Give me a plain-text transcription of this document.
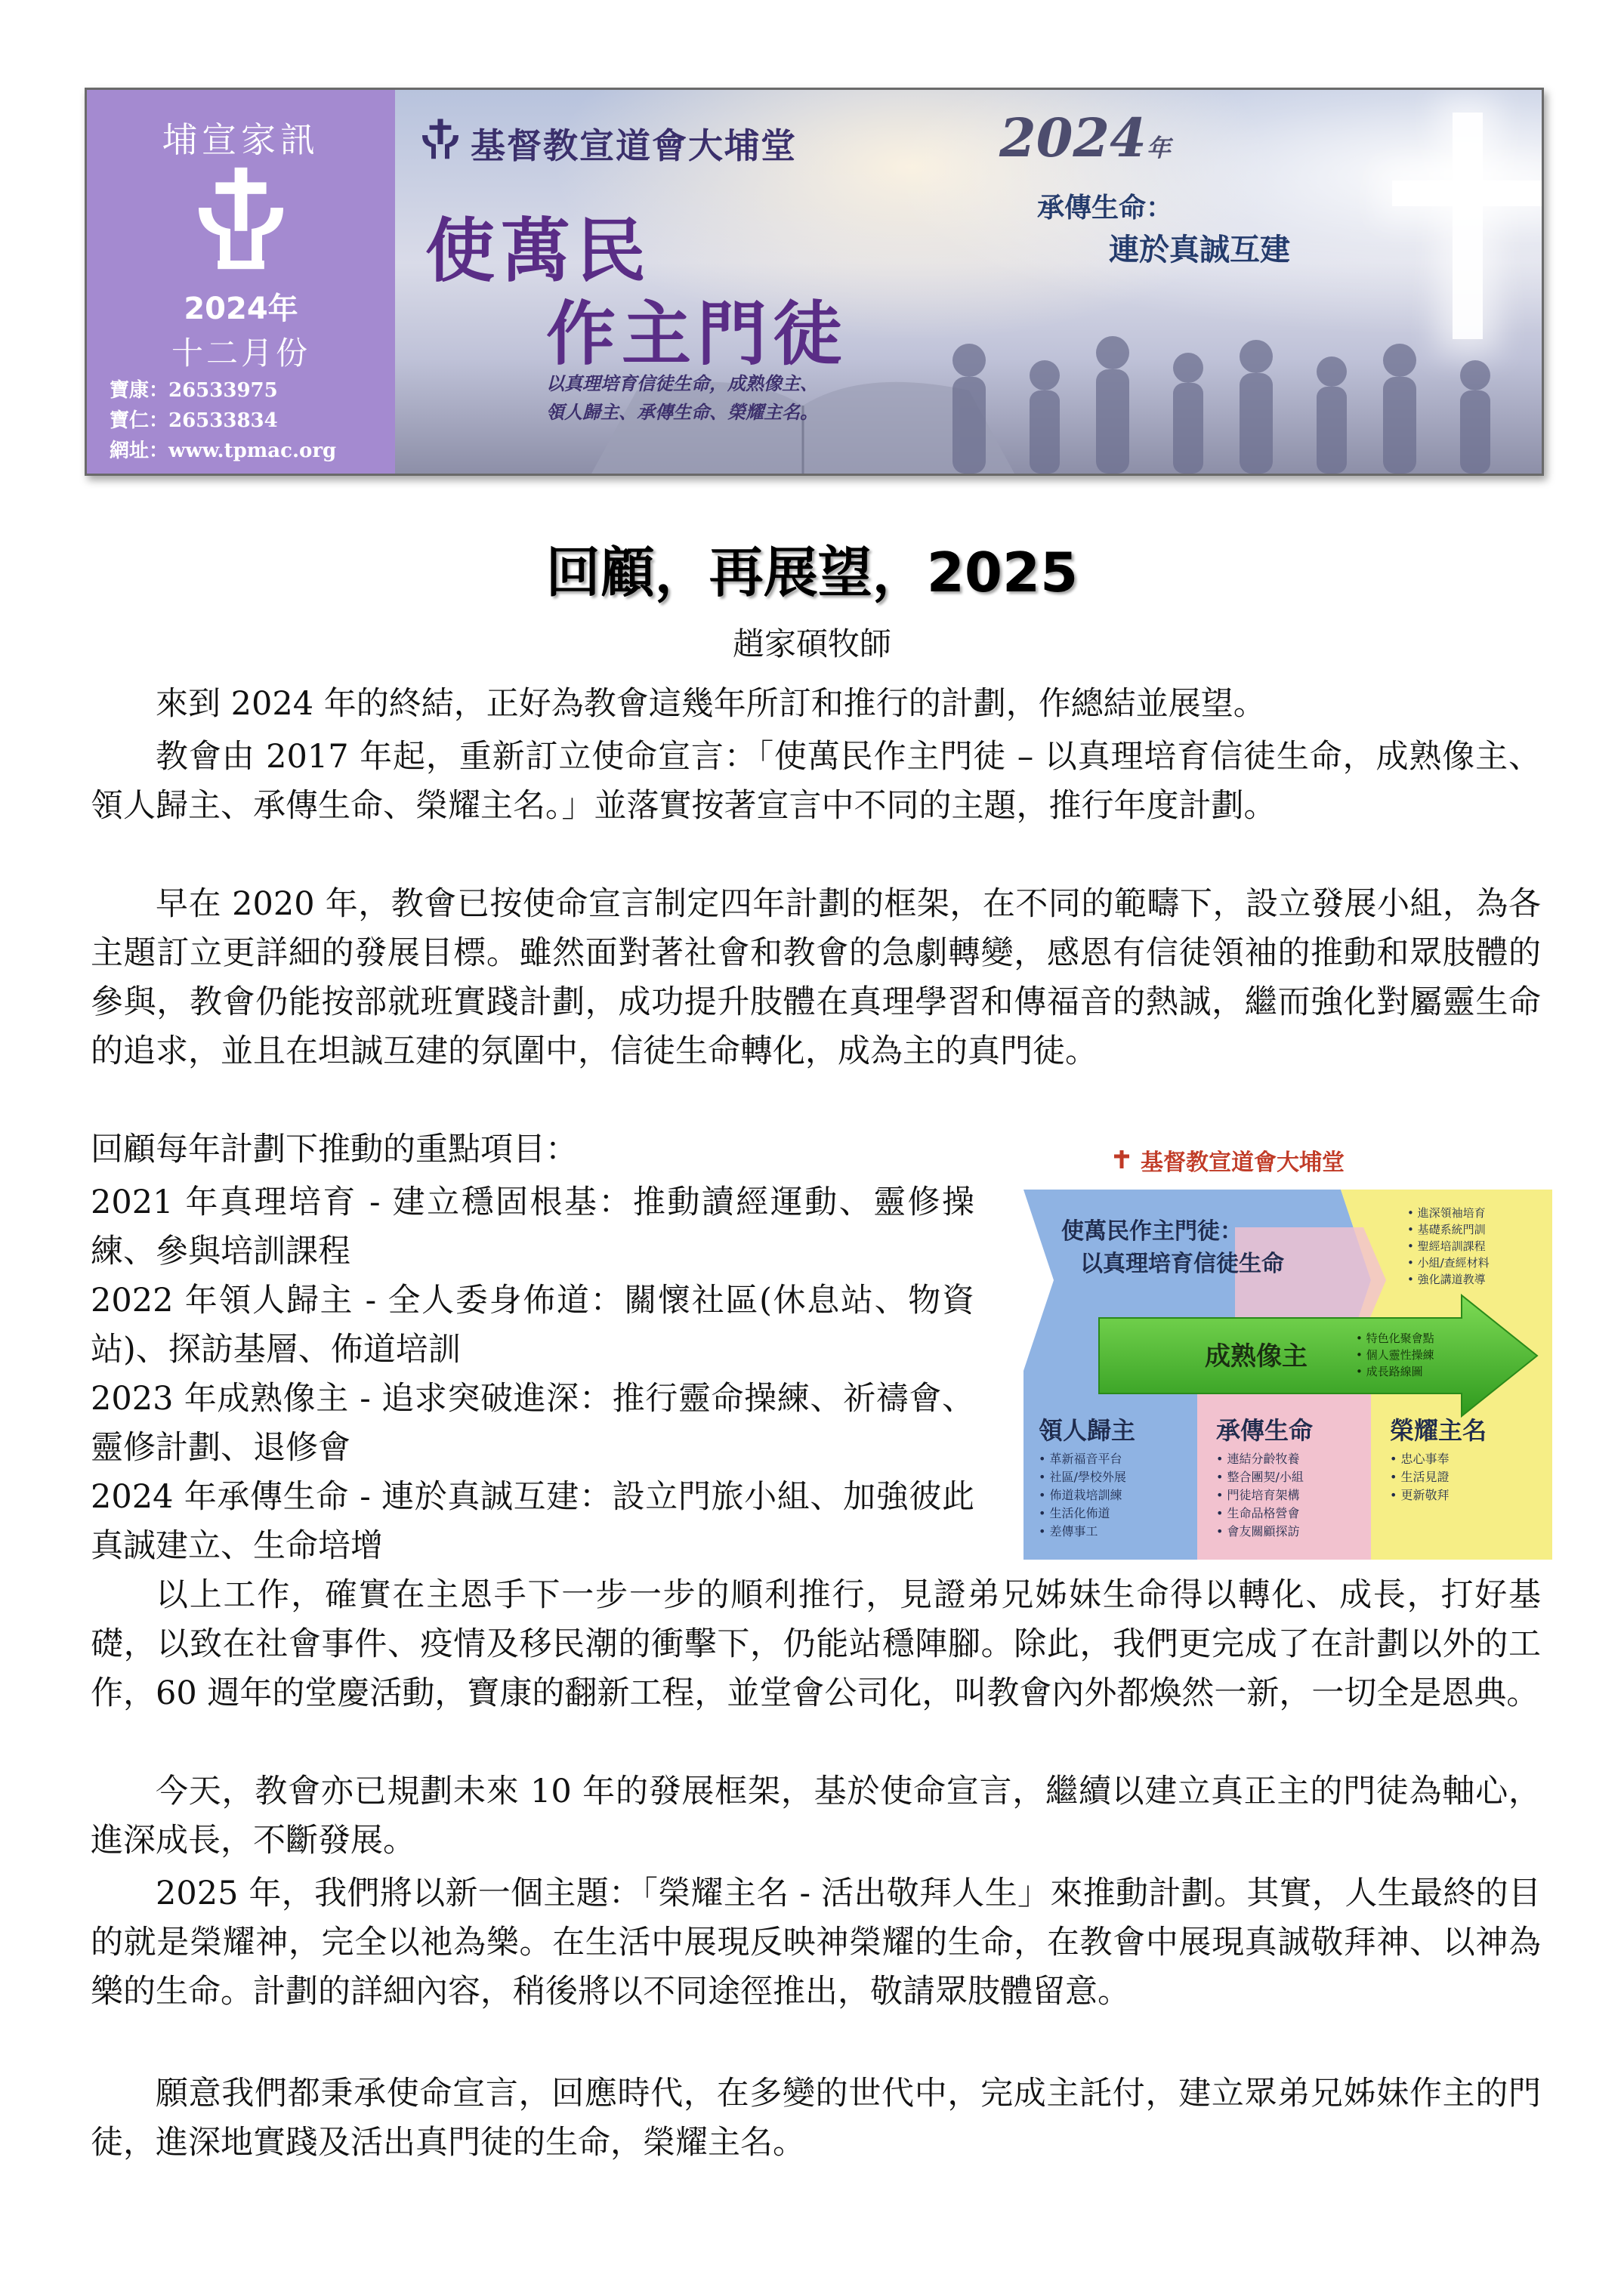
埔宣家訊
2024年
十二月份
寶康：26533975
寶仁：26533834
網址：www.tpmac.org
基督教宣道會大埔堂
使萬民
作主門徒
以真理培育信徒生命，成熟像主、
領人歸主、承傳生命、榮耀主名。
2024年
承傳生命：
連於真誠互建
回顧，再展望，2025
趙家碩牧師

來到 2024 年的終結，正好為教會這幾年所訂和推行的計劃，作總結並展望。

教會由 2017 年起，重新訂立使命宣言：「使萬民作主門徒 – 以真理培育信徒生命，成熟像主、領人歸主、承傳生命、榮耀主名。」並落實按著宣言中不同的主題，推行年度計劃。

早在 2020 年，教會已按使命宣言制定四年計劃的框架，在不同的範疇下，設立發展小組，為各主題訂立更詳細的發展目標。雖然面對著社會和教會的急劇轉變，感恩有信徒領袖的推動和眾肢體的參與，教會仍能按部就班實踐計劃，成功提升肢體在真理學習和傳福音的熱誠，繼而強化對屬靈生命的追求，並且在坦誠互建的氛圍中，信徒生命轉化，成為主的真門徒。

回顧每年計劃下推動的重點項目：

2021 年真理培育 - 建立穩固根基：推動讀經運動、靈修操練、參與培訓課程

2022 年領人歸主 - 全人委身佈道：關懷社區(休息站、物資站)、探訪基層、佈道培訓

2023 年成熟像主 - 追求突破進深：推行靈命操練、祈禱會、靈修計劃、退修會

2024 年承傳生命 - 連於真誠互建：設立門旅小組、加強彼此真誠建立、生命培增

以上工作，確實在主恩手下一步一步的順利推行，見證弟兄姊妹生命得以轉化、成長，打好基礎，以致在社會事件、疫情及移民潮的衝擊下，仍能站穩陣腳。除此，我們更完成了在計劃以外的工作，60 週年的堂慶活動，寶康的翻新工程，並堂會公司化，叫教會內外都煥然一新，一切全是恩典。

今天，教會亦已規劃未來 10 年的發展框架，基於使命宣言，繼續以建立真正主的門徒為軸心，進深成長，不斷發展。

2025 年，我們將以新一個主題：「榮耀主名 - 活出敬拜人生」來推動計劃。其實，人生最終的目的就是榮耀神，完全以祂為樂。在生活中展現反映神榮耀的生命，在教會中展現真誠敬拜神、以神為樂的生命。計劃的詳細內容，稍後將以不同途徑推出，敬請眾肢體留意。

願意我們都秉承使命宣言，回應時代，在多變的世代中，完成主託付，建立眾弟兄姊妹作主的門徒，進深地實踐及活出真門徒的生命，榮耀主名。

基督教宣道會大埔堂
使萬民作主門徒：
以真理培育信徒生命
• 進深領袖培育
• 基礎系統門訓
• 聖經培訓課程
• 小組/查經材料
• 強化講道教導
成熟像主
• 特色化聚會點
• 個人靈性操練
• 成長路線圖
領人歸主	承傳生命	榮耀主名
• 革新福音平台
• 社區/學校外展
• 佈道栽培訓練
• 生活化佈道
• 差傳事工
• 連結分齡牧養
• 整合團契/小組
• 門徒培育架構
• 生命品格營會
• 會友關顧探訪
• 忠心事奉
• 生活見證
• 更新敬拜
